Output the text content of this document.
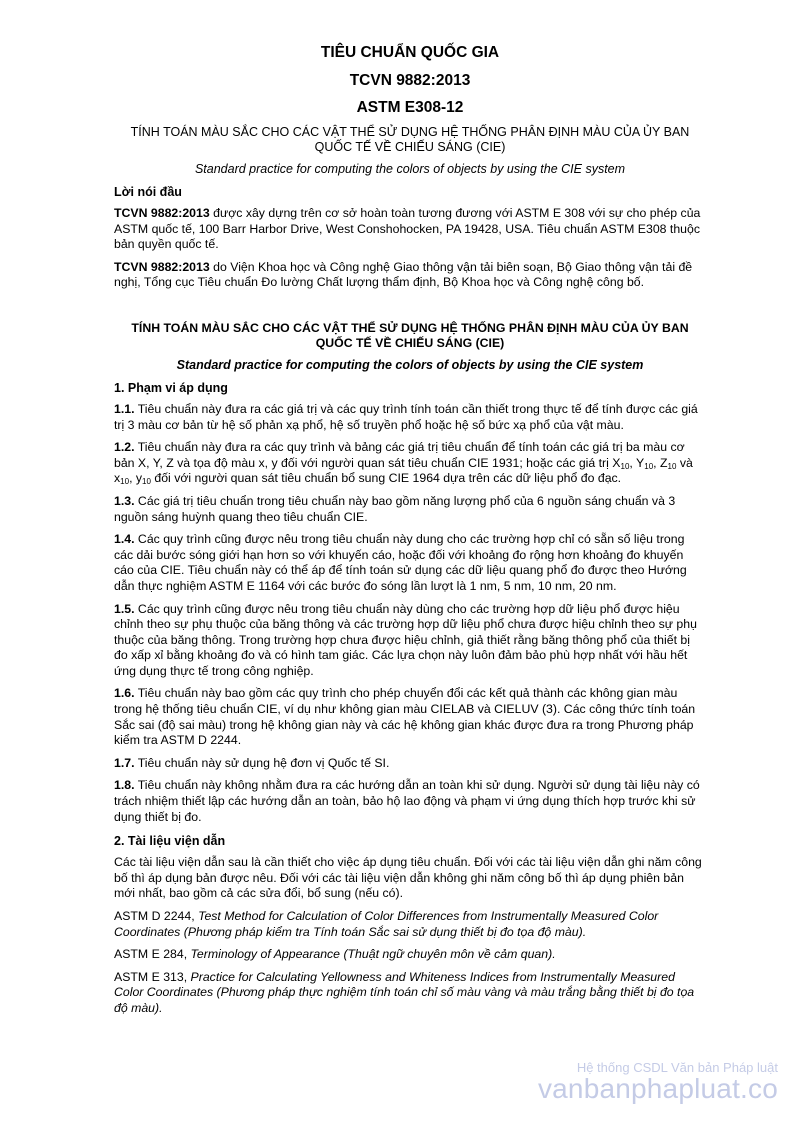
TIÊU CHUẨN QUỐC GIA
TCVN 9882:2013
ASTM E308-12
TÍNH TOÁN MÀU SẮC CHO CÁC VẬT THỂ SỬ DỤNG HỆ THỐNG PHÂN ĐỊNH MÀU CỦA ỦY BAN QUỐC TẾ VỀ CHIẾU SÁNG (CIE)
Standard practice for computing the colors of objects by using the CIE system
Lời nói đầu

TCVN 9882:2013 được xây dựng trên cơ sở hoàn toàn tương đương với ASTM E 308 với sự cho phép của ASTM quốc tế, 100 Barr Harbor Drive, West Conshohocken, PA 19428, USA. Tiêu chuẩn ASTM E308 thuộc bản quyền quốc tế.

TCVN 9882:2013 do Viện Khoa học và Công nghệ Giao thông vận tải biên soạn, Bộ Giao thông vận tải đề nghị, Tổng cục Tiêu chuẩn Đo lường Chất lượng thẩm định, Bộ Khoa học và Công nghệ công bố.

TÍNH TOÁN MÀU SẮC CHO CÁC VẬT THỂ SỬ DỤNG HỆ THỐNG PHÂN ĐỊNH MÀU CỦA ỦY BAN QUỐC TẾ VỀ CHIẾU SÁNG (CIE)
Standard practice for computing the colors of objects by using the CIE system
1. Phạm vi áp dụng

1.1. Tiêu chuẩn này đưa ra các giá trị và các quy trình tính toán cần thiết trong thực tế để tính được các giá trị 3 màu cơ bản từ hệ số phản xạ phổ, hệ số truyền phổ hoặc hệ số bức xạ phổ của vật màu.

1.2. Tiêu chuẩn này đưa ra các quy trình và bảng các giá trị tiêu chuẩn để tính toán các giá trị ba màu cơ bản X, Y, Z và tọa độ màu x, y đối với người quan sát tiêu chuẩn CIE 1931; hoặc các giá trị $X_{10}$, $Y_{10}$, $Z_{10}$ và $x_{10}$, $y_{10}$ đối với người quan sát tiêu chuẩn bổ sung CIE 1964 dựa trên các dữ liệu phổ đo đạc.

1.3. Các giá trị tiêu chuẩn trong tiêu chuẩn này bao gồm năng lượng phổ của 6 nguồn sáng chuẩn và 3 nguồn sáng huỳnh quang theo tiêu chuẩn CIE.

1.4. Các quy trình cũng được nêu trong tiêu chuẩn này dung cho các trường hợp chỉ có sẵn số liệu trong các dải bước sóng giới hạn hơn so với khuyến cáo, hoặc đối với khoảng đo rộng hơn khoảng đo khuyến cáo của CIE. Tiêu chuẩn này có thể áp để tính toán sử dụng các dữ liệu quang phổ đo được theo Hướng dẫn thực nghiệm ASTM E 1164 với các bước đo sóng lần lượt là 1 nm, 5 nm, 10 nm, 20 nm.

1.5. Các quy trình cũng được nêu trong tiêu chuẩn này dùng cho các trường hợp dữ liệu phổ được hiệu chỉnh theo sự phụ thuộc của băng thông và các trường hợp dữ liệu phổ chưa được hiệu chỉnh theo sự phụ thuộc của băng thông. Trong trường hợp chưa được hiệu chỉnh, giả thiết rằng băng thông phổ của thiết bị đo xấp xỉ bằng khoảng đo và có hình tam giác. Các lựa chọn này luôn đảm bảo phù hợp nhất với hầu hết ứng dụng thực tế trong công nghiệp.

1.6. Tiêu chuẩn này bao gồm các quy trình cho phép chuyển đổi các kết quả thành các không gian màu trong hệ thống tiêu chuẩn CIE, ví dụ như không gian màu CIELAB và CIELUV (3). Các công thức tính toán Sắc sai (độ sai màu) trong hệ không gian này và các hệ không gian khác được đưa ra trong Phương pháp kiểm tra ASTM D 2244.

1.7. Tiêu chuẩn này sử dụng hệ đơn vị Quốc tế SI.

1.8. Tiêu chuẩn này không nhằm đưa ra các hướng dẫn an toàn khi sử dụng. Người sử dụng tài liệu này có trách nhiệm thiết lập các hướng dẫn an toàn, bảo hộ lao động và phạm vi ứng dụng thích hợp trước khi sử dụng thiết bị đo.

2. Tài liệu viện dẫn

Các tài liệu viện dẫn sau là cần thiết cho việc áp dụng tiêu chuẩn. Đối với các tài liệu viện dẫn ghi năm công bố thì áp dụng bản được nêu. Đối với các tài liệu viện dẫn không ghi năm công bố thì áp dụng phiên bản mới nhất, bao gồm cả các sửa đổi, bổ sung (nếu có).

ASTM D 2244, Test Method for Calculation of Color Differences from Instrumentally Measured Color Coordinates (Phương pháp kiểm tra Tính toán Sắc sai sử dụng thiết bị đo tọa độ màu).

ASTM E 284, Terminology of Appearance (Thuật ngữ chuyên môn về cảm quan).

ASTM E 313, Practice for Calculating Yellowness and Whiteness Indices from Instrumentally Measured Color Coordinates (Phương pháp thực nghiệm tính toán chỉ số màu vàng và màu trắng bằng thiết bị đo tọa độ màu).

Hệ thống CSDL Văn bản Pháp luật
vanbanphapluat.co
